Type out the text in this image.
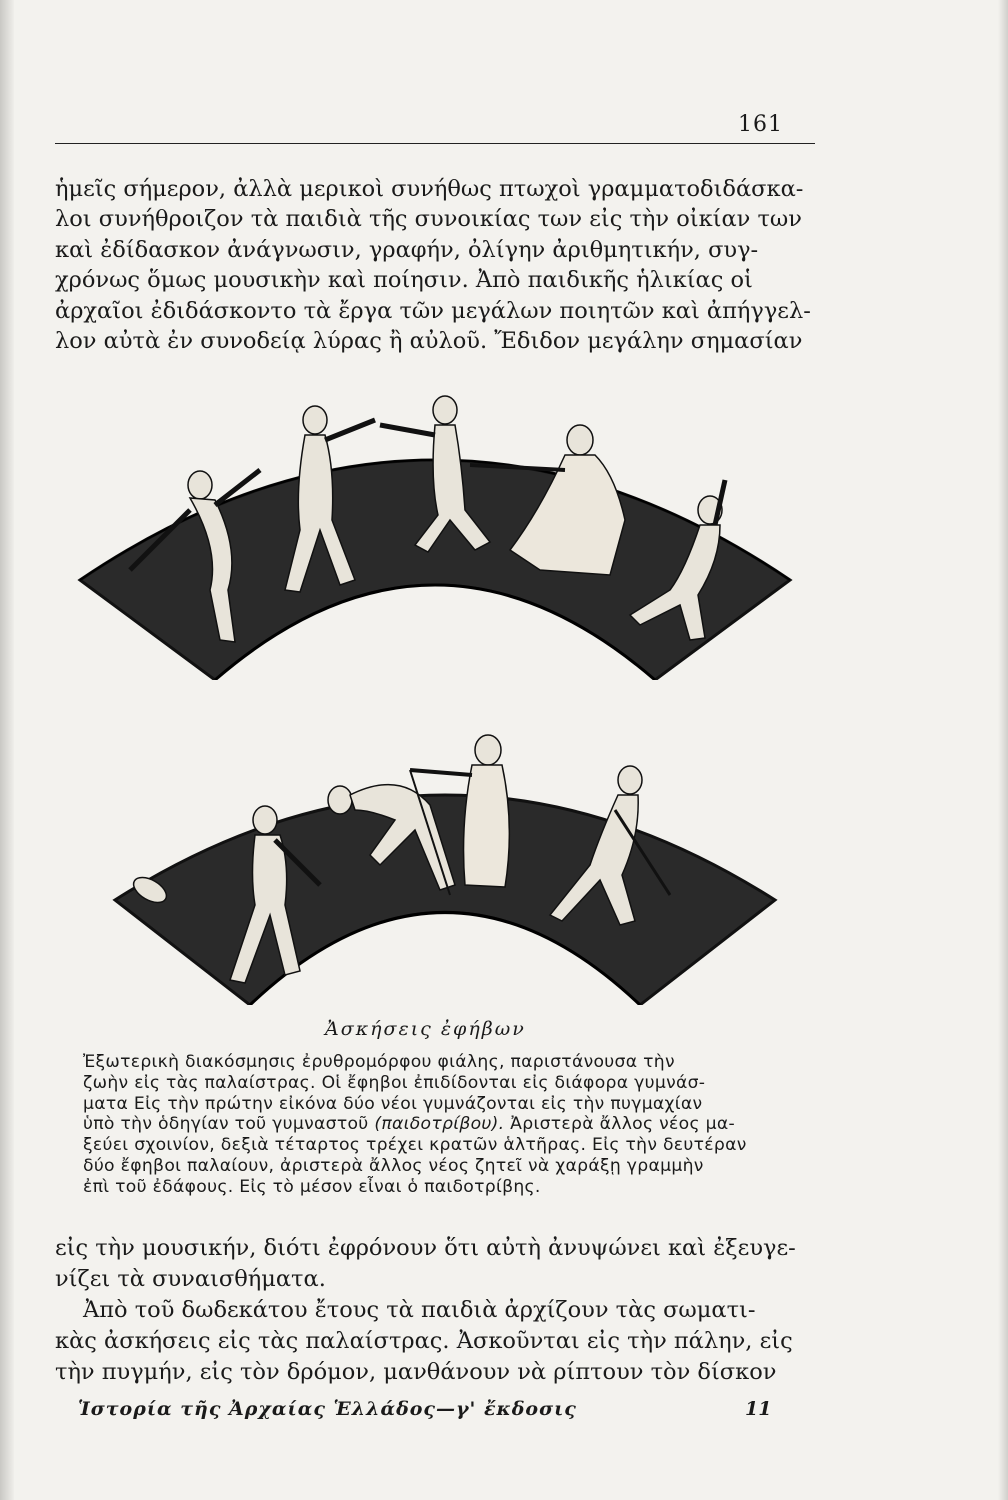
161

ἡμεῖς σήμερον, ἀλλὰ μερικοὶ συνήθως πτωχοὶ γραμματοδιδάσκα-
λοι συνήθροιζον τὰ παιδιὰ τῆς συνοικίας των εἰς τὴν οἰκίαν των
καὶ ἐδίδασκον ἀνάγνωσιν, γραφήν, ὀλίγην ἀριθμητικήν, συγ-
χρόνως ὅμως μουσικὴν καὶ ποίησιν. Ἀπὸ παιδικῆς ἡλικίας οἱ
ἀρχαῖοι ἐδιδάσκοντο τὰ ἔργα τῶν μεγάλων ποιητῶν καὶ ἀπήγγελ-
λον αὐτὰ ἐν συνοδείᾳ λύρας ἢ αὐλοῦ. Ἔδιδον μεγάλην σημασίαν

Ἀσκήσεις ἐφήβων

Ἐξωτερικὴ διακόσμησις ἐρυθρομόρφου φιάλης, παριστάνουσα τὴν
ζωὴν εἰς τὰς παλαίστρας. Οἱ ἔφηβοι ἐπιδίδονται εἰς διάφορα γυμνάσ-
ματα Εἰς τὴν πρώτην εἰκόνα δύο νέοι γυμνάζονται εἰς τὴν πυγμαχίαν
ὑπὸ τὴν ὁδηγίαν τοῦ γυμναστοῦ (παιδοτρίβου). Ἀριστερὰ ἄλλος νέος μα-
ξεύει σχοινίον, δεξιὰ τέταρτος τρέχει κρατῶν ἁλτῆρας. Εἰς τὴν δευτέραν
δύο ἔφηβοι παλαίουν, ἀριστερὰ ἄλλος νέος ζητεῖ νὰ χαράξῃ γραμμὴν
ἐπὶ τοῦ ἐδάφους. Εἰς τὸ μέσον εἶναι ὁ παιδοτρίβης.

εἰς τὴν μουσικήν, διότι ἐφρόνουν ὅτι αὐτὴ ἀνυψώνει καὶ ἐξευγε-
νίζει τὰ συναισθήματα.
Ἀπὸ τοῦ δωδεκάτου ἔτους τὰ παιδιὰ ἀρχίζουν τὰς σωματι-
κὰς ἀσκήσεις εἰς τὰς παλαίστρας. Ἀσκοῦνται εἰς τὴν πάλην, εἰς
τὴν πυγμήν, εἰς τὸν δρόμον, μανθάνουν νὰ ρίπτουν τὸν δίσκον

Ἱστορία τῆς Ἀρχαίας Ἑλλάδος—γ' ἔκδοσις	11
